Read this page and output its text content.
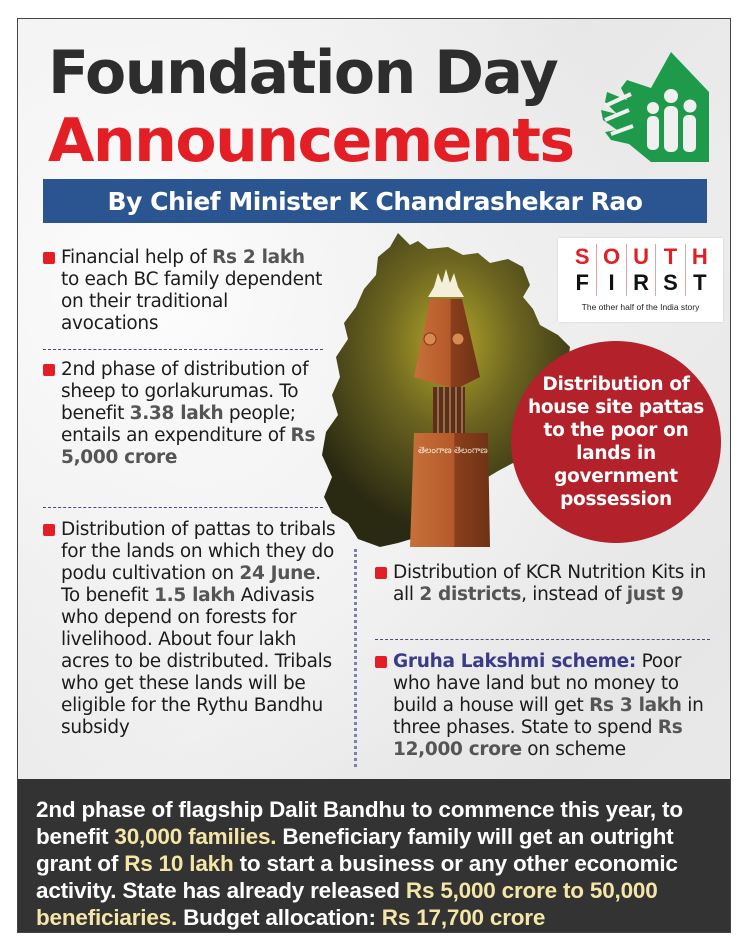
Foundation Day
Announcements
By Chief Minister K Chandrashekar Rao
తెలంగాణ తెలంగాణ
S O U T H
F I R S T
The other half of the India story
Distribution of house site pattas to the poor on lands in government possession
Financial help of Rs 2 lakh to each BC family dependent on their traditional avocations
2nd phase of distribution of sheep to gorlakurumas. To benefit 3.38 lakh people; entails an expenditure of Rs 5,000 crore
Distribution of pattas to tribals for the lands on which they do podu cultivation on 24 June. To benefit 1.5 lakh Adivasis who depend on forests for livelihood. About four lakh acres to be distributed. Tribals who get these lands will be eligible for the Rythu Bandhu subsidy
Distribution of KCR Nutrition Kits in all 2 districts, instead of just 9
Gruha Lakshmi scheme: Poor who have land but no money to build a house will get Rs 3 lakh in three phases. State to spend Rs 12,000 crore on scheme
2nd phase of flagship Dalit Bandhu to commence this year, to benefit 30,000 families. Beneficiary family will get an outright grant of Rs 10 lakh to start a business or any other economic activity. State has already released Rs 5,000 crore to 50,000 beneficiaries. Budget allocation: Rs 17,700 crore
